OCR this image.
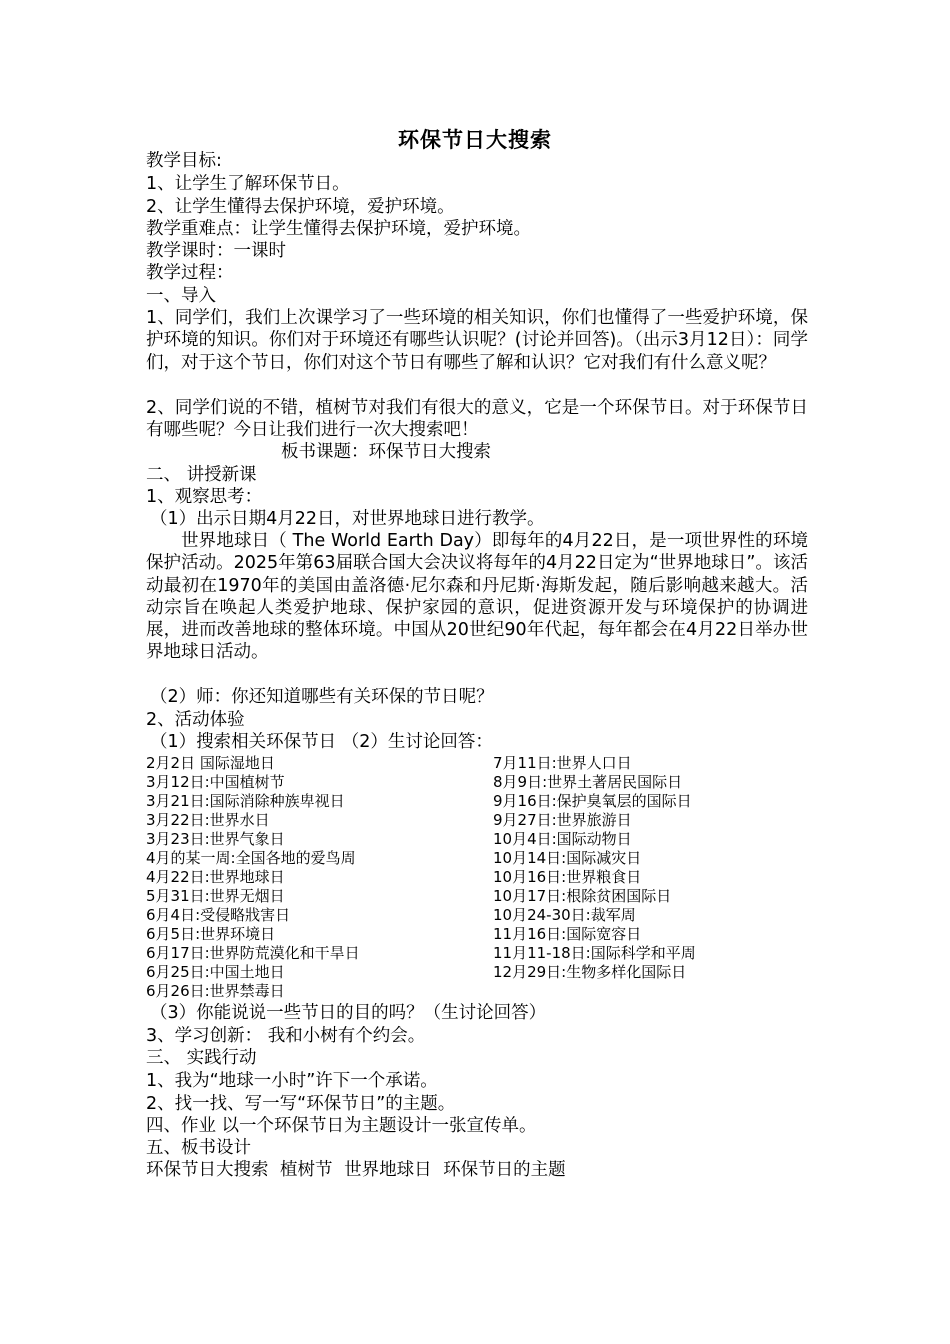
环保节日大搜索
教学目标:
1、让学生了解环保节日。
2、让学生懂得去保护环境，爱护环境。
教学重难点：让学生懂得去保护环境，爱护环境。
教学课时：一课时
教学过程：
一、导入
1、同学们，我们上次课学习了一些环境的相关知识，你们也懂得了一些爱护环境，保护环境的知识。你们对于环境还有哪些认识呢？(讨论并回答)。（出示3月12日）：同学们，对于这个节日，你们对这个节日有哪些了解和认识？它对我们有什么意义呢？
2、同学们说的不错，植树节对我们有很大的意义，它是一个环保节日。对于环保节日有哪些呢？今日让我们进行一次大搜索吧！
板书课题：环保节日大搜索
二、 讲授新课
1、观察思考：
（1）出示日期4月22日，对世界地球日进行教学。
世界地球日（ The World Earth Day）即每年的4月22日，是一项世界性的环境保护活动。2025年第63届联合国大会决议将每年的4月22日定为“世界地球日”。该活动最初在1970年的美国由盖洛德·尼尔森和丹尼斯·海斯发起，随后影响越来越大。活动宗旨在唤起人类爱护地球、保护家园的意识，促进资源开发与环境保护的协调进展，进而改善地球的整体环境。中国从20世纪90年代起，每年都会在4月22日举办世界地球日活动。
（2）师：你还知道哪些有关环保的节日呢？
2、活动体验
（1）搜索相关环保节日 （2）生讨论回答：
2月2日 国际湿地日
3月12日:中国植树节
3月21日:国际消除种族卑视日
3月22日:世界水日
3月23日:世界气象日
4月的某一周:全国各地的爱鸟周
4月22日:世界地球日
5月31日:世界无烟日
6月4日:受侵略戕害日
6月5日:世界环境日
6月17日:世界防荒漠化和干旱日
6月25日:中国土地日
6月26日:世界禁毒日
7月11日:世界人口日
8月9日:世界土著居民国际日
9月16日:保护臭氧层的国际日
9月27日:世界旅游日
10月4日:国际动物日
10月14日:国际减灾日
10月16日:世界粮食日
10月17日:根除贫困国际日
10月24-30日:裁军周
11月16日:国际宽容日
11月11-18日:国际科学和平周
12月29日:生物多样化国际日
（3）你能说说一些节日的目的吗？（生讨论回答）
3、学习创新： 我和小树有个约会。
三、 实践行动
1、我为“地球一小时”许下一个承诺。
2、找一找、写一写“环保节日”的主题。
四、作业 以一个环保节日为主题设计一张宣传单。
五、板书设计
环保节日大搜索 植树节 世界地球日 环保节日的主题
